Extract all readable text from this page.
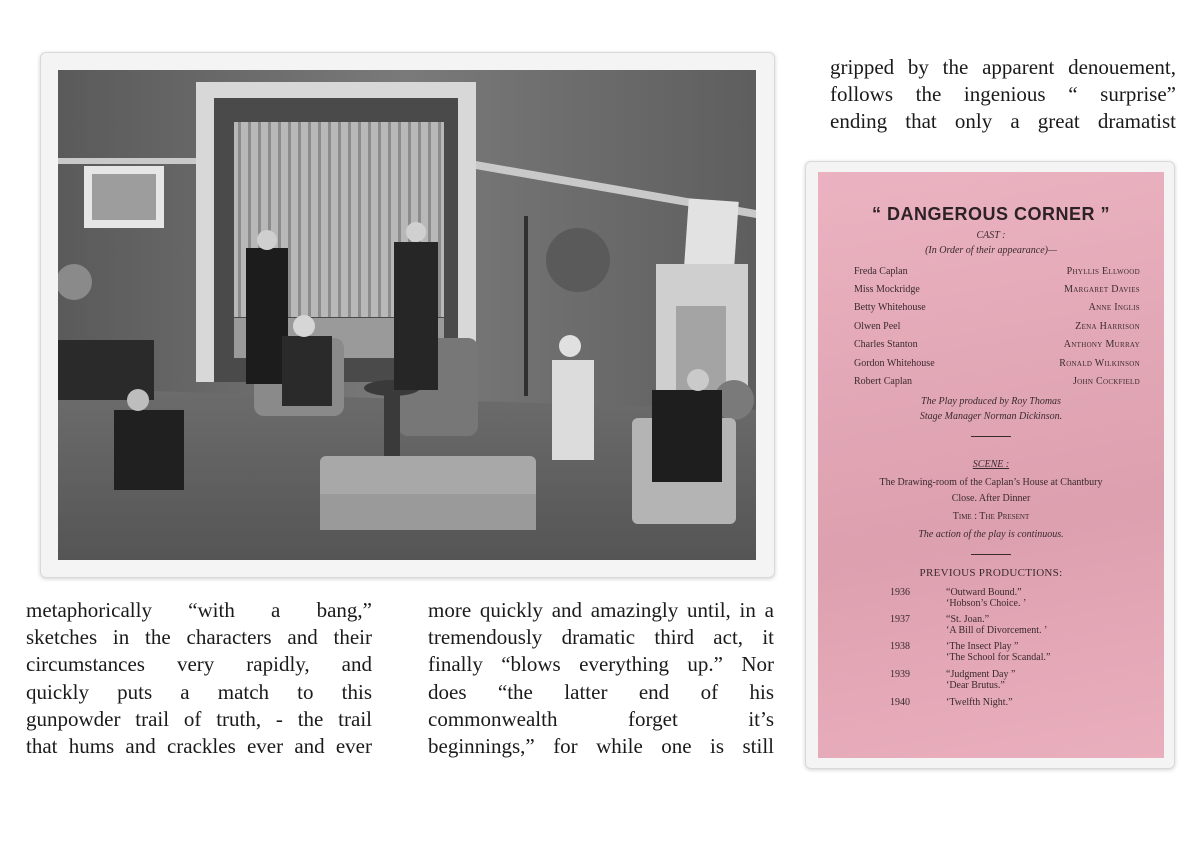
metaphorically “with a bang,”
sketches in the characters and their
circumstances very rapidly, and
quickly puts a match to this
gunpowder trail of truth, - the trail
that hums and crackles ever and ever
more quickly and amazingly until, in a
tremendously dramatic third act, it
finally “blows everything up.” Nor
does “the latter end of his
commonwealth forget it’s
beginnings,” for while one is still
gripped by the apparent denouement,
follows the ingenious “ surprise”
ending that only a great dramatist
“ DANGEROUS CORNER ”
CAST :
(In Order of their appearance)—
Freda Caplan	Phyllis Ellwood
Miss Mockridge	Margaret Davies
Betty Whitehouse	Anne Inglis
Olwen Peel	Zena Harrison
Charles Stanton	Anthony Murray
Gordon Whitehouse	Ronald Wilkinson
Robert Caplan	John Cockfield
The Play produced by Roy Thomas
Stage Manager Norman Dickinson.
SCENE :
The Drawing-room of the Caplan’s House at Chantbury
Close. After Dinner
Time : The Present
The action of the play is continuous.
PREVIOUS PRODUCTIONS:
1936	“Outward Bound.”
‘Hobson’s Choice. ’
1937	“St. Joan.”
‘A Bill of Divorcement. ’
1938	‘The Insect Play ”
‘The School for Scandal.”
1939	“Judgment Day ”
‘Dear Brutus.”
1940	‘Twelfth Night.”
